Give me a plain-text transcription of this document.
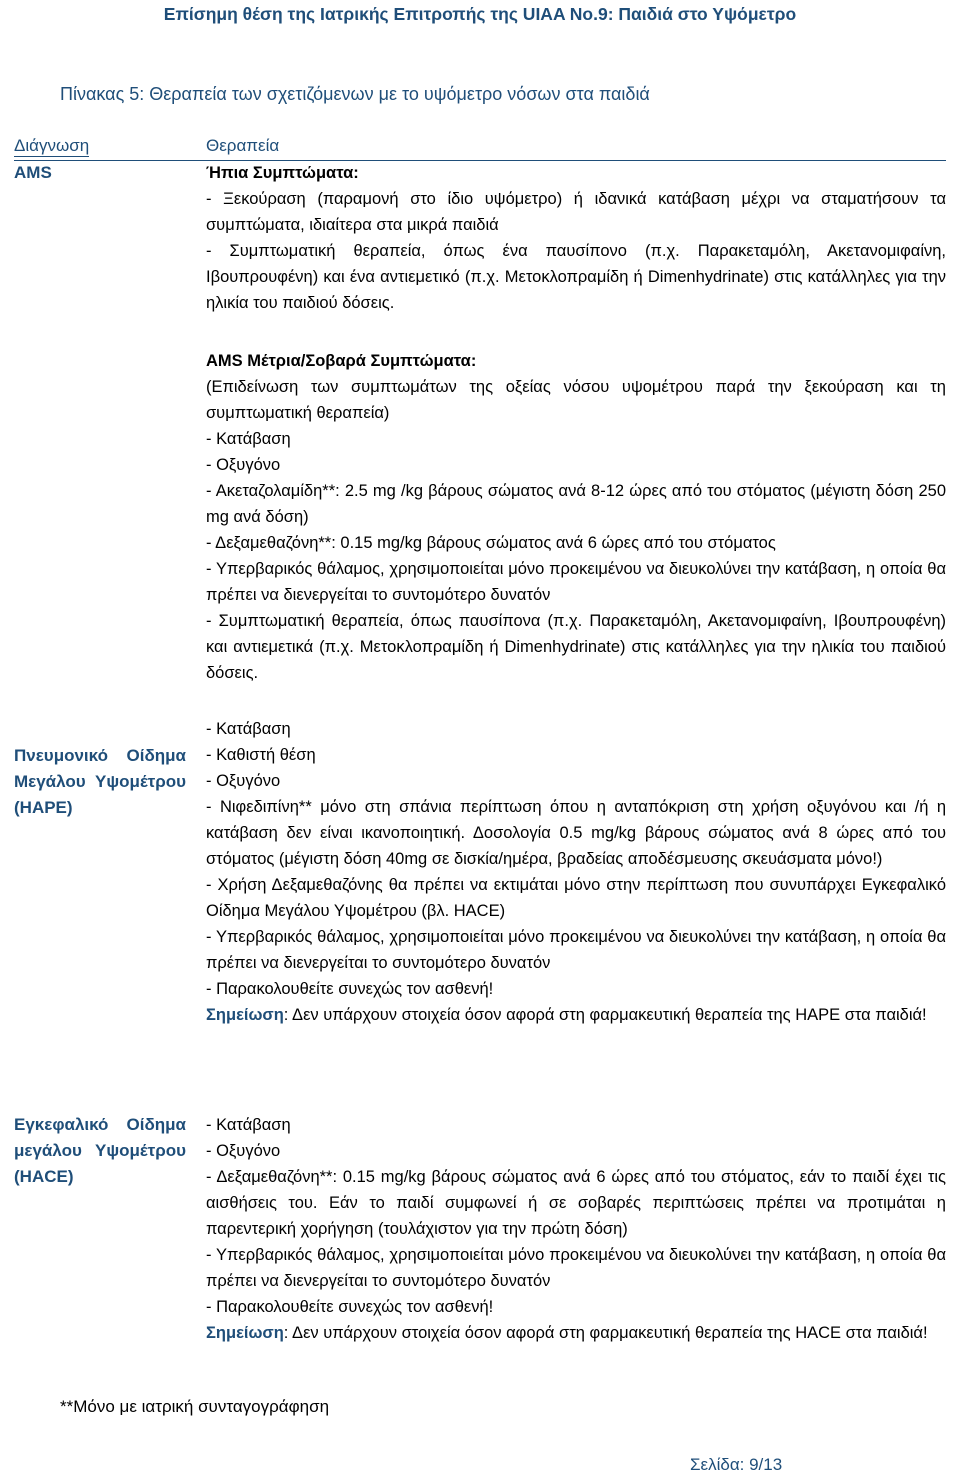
Επίσημη θέση της Ιατρικής Επιτροπής της UIAA No.9: Παιδιά στο Υψόμετρο
Πίνακας 5: Θεραπεία των σχετιζόμενων με το υψόμετρο νόσων στα παιδιά
Διάγνωση	Θεραπεία
AMS	Ήπια Συμπτώματα:

- Ξεκούραση (παραμονή στο ίδιο υψόμετρο) ή ιδανικά κατάβαση μέχρι να σταματήσουν τα συμπτώματα, ιδιαίτερα στα μικρά παιδιά

- Συμπτωματική θεραπεία, όπως ένα παυσίπονο (π.χ. Παρακεταμόλη, Ακετανομιφαίνη, Ιβουπρουφένη) και ένα αντιεμετικό (π.χ. Μετοκλοπραμίδη ή Dimenhydrinate) στις κατάλληλες για την ηλικία του παιδιού δόσεις.

AMS Μέτρια/Σοβαρά Συμπτώματα:

(Επιδείνωση των συμπτωμάτων της οξείας νόσου υψομέτρου παρά την ξεκούραση και τη συμπτωματική θεραπεία)

- Κατάβαση

- Οξυγόνο

- Ακεταζολαμίδη**: 2.5 mg /kg βάρους σώματος ανά 8-12 ώρες από του στόματος (μέγιστη δόση 250 mg ανά δόση)

- Δεξαμεθαζόνη**: 0.15 mg/kg βάρους σώματος ανά 6 ώρες από του στόματος

- Υπερβαρικός θάλαμος, χρησιμοποιείται μόνο προκειμένου να διευκολύνει την κατάβαση, η οποία θα πρέπει να διενεργείται το συντομότερο δυνατόν

- Συμπτωματική θεραπεία, όπως παυσίπονα (π.χ. Παρακεταμόλη, Ακετανομιφαίνη, Ιβουπρουφένη) και αντιεμετικά (π.χ. Μετοκλοπραμίδη ή Dimenhydrinate) στις κατάλληλες για την ηλικία του παιδιού δόσεις.

Πνευμονικό Οίδημα Μεγάλου Υψομέτρου (HAPE)

- Κατάβαση

- Καθιστή θέση

- Οξυγόνο

- Νιφεδιπίνη** μόνο στη σπάνια περίπτωση όπου η ανταπόκριση στη χρήση οξυγόνου και /ή η κατάβαση δεν είναι ικανοποιητική. Δοσολογία 0.5 mg/kg βάρους σώματος ανά 8 ώρες από του στόματος (μέγιστη δόση 40mg σε δισκία/ημέρα, βραδείας αποδέσμευσης σκευάσματα μόνο!)

- Χρήση Δεξαμεθαζόνης θα πρέπει να εκτιμάται μόνο στην περίπτωση που συνυπάρχει Εγκεφαλικό Οίδημα Μεγάλου Υψομέτρου (βλ. HACE)

- Υπερβαρικός θάλαμος, χρησιμοποιείται μόνο προκειμένου να διευκολύνει την κατάβαση, η οποία θα πρέπει να διενεργείται το συντομότερο δυνατόν

- Παρακολουθείτε συνεχώς τον ασθενή!

Σημείωση: Δεν υπάρχουν στοιχεία όσον αφορά στη φαρμακευτική θεραπεία της HAPE στα παιδιά!

Εγκεφαλικό Οίδημα μεγάλου Υψομέτρου (HACE)

- Κατάβαση

- Οξυγόνο

- Δεξαμεθαζόνη**: 0.15 mg/kg βάρους σώματος ανά 6 ώρες από του στόματος, εάν το παιδί έχει τις αισθήσεις του. Εάν το παιδί συμφωνεί ή σε σοβαρές περιπτώσεις πρέπει να προτιμάται η παρεντερική χορήγηση (τουλάχιστον για την πρώτη δόση)

- Υπερβαρικός θάλαμος, χρησιμοποιείται μόνο προκειμένου να διευκολύνει την κατάβαση, η οποία θα πρέπει να διενεργείται το συντομότερο δυνατόν

- Παρακολουθείτε συνεχώς τον ασθενή!

Σημείωση: Δεν υπάρχουν στοιχεία όσον αφορά στη φαρμακευτική θεραπεία της HACE στα παιδιά!

**Μόνο με ιατρική συνταγογράφηση
Σελίδα: 9/13
